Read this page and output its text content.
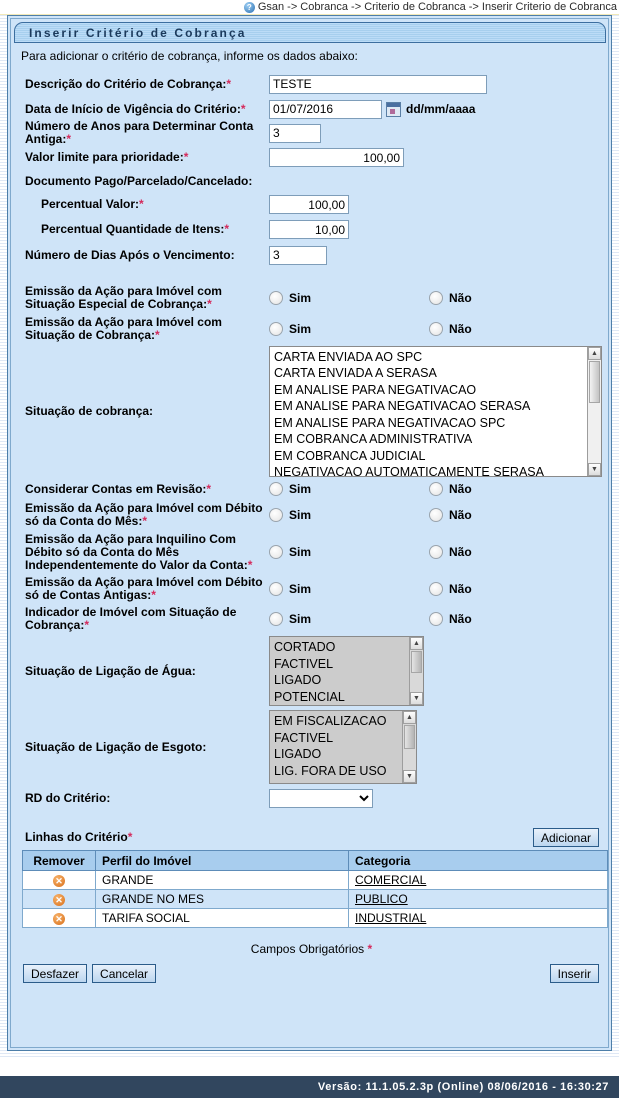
? Gsan -> Cobranca -> Criterio de Cobranca -> Inserir Criterio de Cobranca
Inserir Critério de Cobrança
Para adicionar o critério de cobrança, informe os dados abaixo:
Descrição do Critério de Cobrança:*
TESTE
Data de Início de Vigência do Critério:*
01/07/2016	dd/mm/aaaa
Número de Anos para Determinar Conta Antiga:*
3
Valor limite para prioridade:*
100,00
Documento Pago/Parcelado/Cancelado:
Percentual Valor:*
100,00
Percentual Quantidade de Itens:*
10,00
Número de Dias Após o Vencimento:
3
Emissão da Ação para Imóvel com Situação Especial de Cobrança:*	Sim	Não
Emissão da Ação para Imóvel com Situação de Cobrança:*	Sim	Não
Situação de cobrança:
CARTA ENVIADA AO SPC
CARTA ENVIADA A SERASA
EM ANALISE PARA NEGATIVACAO
EM ANALISE PARA NEGATIVACAO SERASA
EM ANALISE PARA NEGATIVACAO SPC
EM COBRANCA ADMINISTRATIVA
EM COBRANCA JUDICIAL
NEGATIVACAO AUTOMATICAMENTE SERASA
▲
▼
Considerar Contas em Revisão:*	Sim	Não
Emissão da Ação para Imóvel com Débito só da Conta do Mês:*	Sim	Não
Emissão da Ação para Inquilino Com Débito só da Conta do Mês Independentemente do Valor da Conta:*
Sim	Não
Emissão da Ação para Imóvel com Débito só de Contas Antigas:*	Sim	Não
Indicador de Imóvel com Situação de Cobrança:*	Sim	Não
Situação de Ligação de Água:
CORTADO
FACTIVEL
LIGADO
POTENCIAL
▲
▼
Situação de Ligação de Esgoto:
EM FISCALIZACAO
FACTIVEL
LIGADO
LIG. FORA DE USO
▲
▼
RD do Critério:
Linhas do Critério*	Adicionar
Remover	Perfil do Imóvel	Categoria
✕	GRANDE	COMERCIAL
✕	GRANDE NO MES	PUBLICO
✕	TARIFA SOCIAL	INDUSTRIAL
Campos Obrigatórios *
Desfazer	Cancelar	Inserir
Versão: 11.1.05.2.3p (Online) 08/06/2016 - 16:30:27
